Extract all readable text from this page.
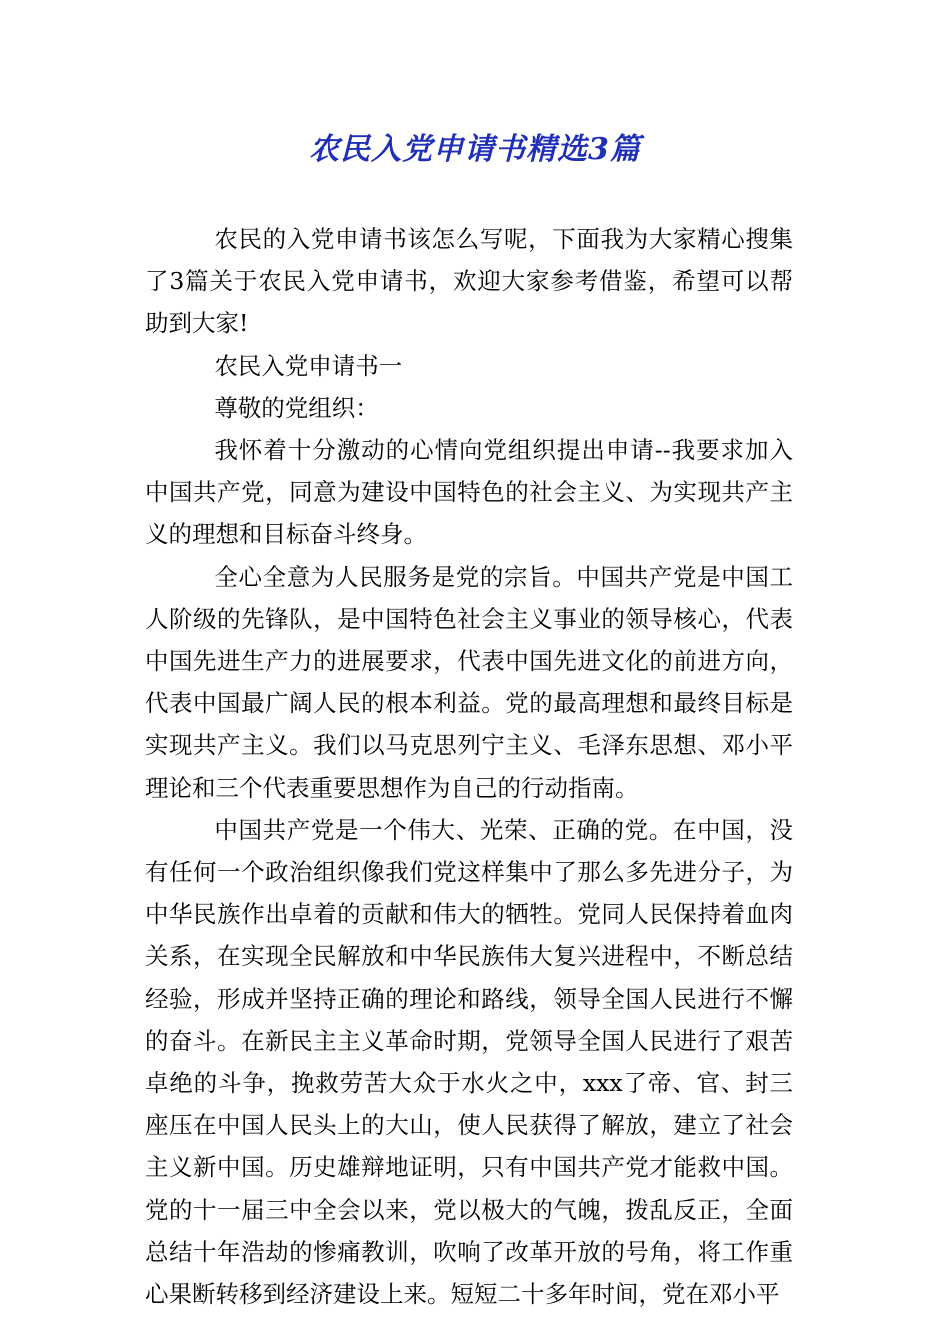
农民入党申请书精选3篇

农民的入党申请书该怎么写呢，下面我为大家精心搜集了3篇关于农民入党申请书，欢迎大家参考借鉴，希望可以帮助到大家!

农民入党申请书一

尊敬的党组织：

我怀着十分激动的心情向党组织提出申请--我要求加入中国共产党，同意为建设中国特色的社会主义、为实现共产主义的理想和目标奋斗终身。

全心全意为人民服务是党的宗旨。中国共产党是中国工人阶级的先锋队，是中国特色社会主义事业的领导核心，代表中国先进生产力的进展要求，代表中国先进文化的前进方向，代表中国最广阔人民的根本利益。党的最高理想和最终目标是实现共产主义。我们以马克思列宁主义、毛泽东思想、邓小平理论和三个代表重要思想作为自己的行动指南。

中国共产党是一个伟大、光荣、正确的党。在中国，没有任何一个政治组织像我们党这样集中了那么多先进分子，为中华民族作出卓着的贡献和伟大的牺牲。党同人民保持着血肉关系，在实现全民解放和中华民族伟大复兴进程中，不断总结经验，形成并坚持正确的理论和路线，领导全国人民进行不懈的奋斗。在新民主主义革命时期，党领导全国人民进行了艰苦卓绝的斗争，挽救劳苦大众于水火之中，xxx了帝、官、封三座压在中国人民头上的大山，使人民获得了解放，建立了社会主义新中国。历史雄辩地证明，只有中国共产党才能救中国。党的十一届三中全会以来，党以极大的气魄，拨乱反正，全面总结十年浩劫的惨痛教训，吹响了改革开放的号角，将工作重心果断转移到经济建设上来。短短二十多年时间，党在邓小平
